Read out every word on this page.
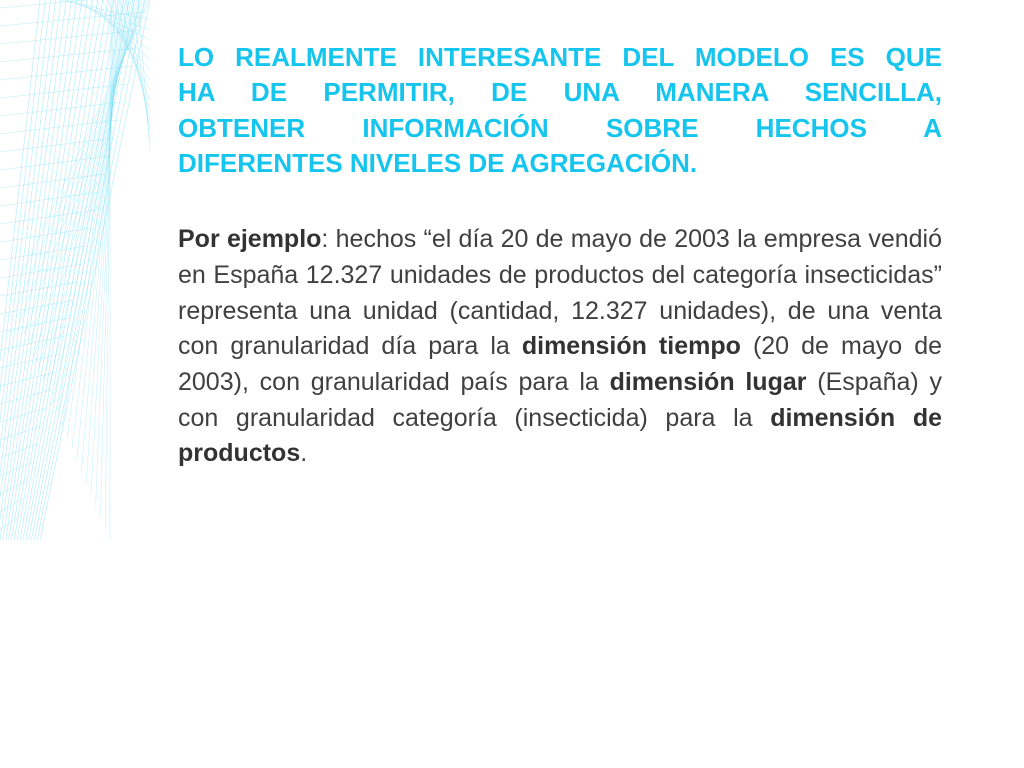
LO REALMENTE INTERESANTE DEL MODELO ES QUE
HA DE PERMITIR, DE UNA MANERA SENCILLA,
OBTENER INFORMACIÓN SOBRE HECHOS A
DIFERENTES NIVELES DE AGREGACIÓN.

Por ejemplo: hechos “el día 20 de mayo de 2003 la empresa vendió en España 12.327 unidades de productos del categoría insecticidas” representa una unidad (cantidad, 12.327 unidades), de una venta con granularidad día para la dimensión tiempo (20 de mayo de 2003), con granularidad país para la dimensión lugar (España) y con granularidad categoría (insecticida) para la dimensión de productos.
